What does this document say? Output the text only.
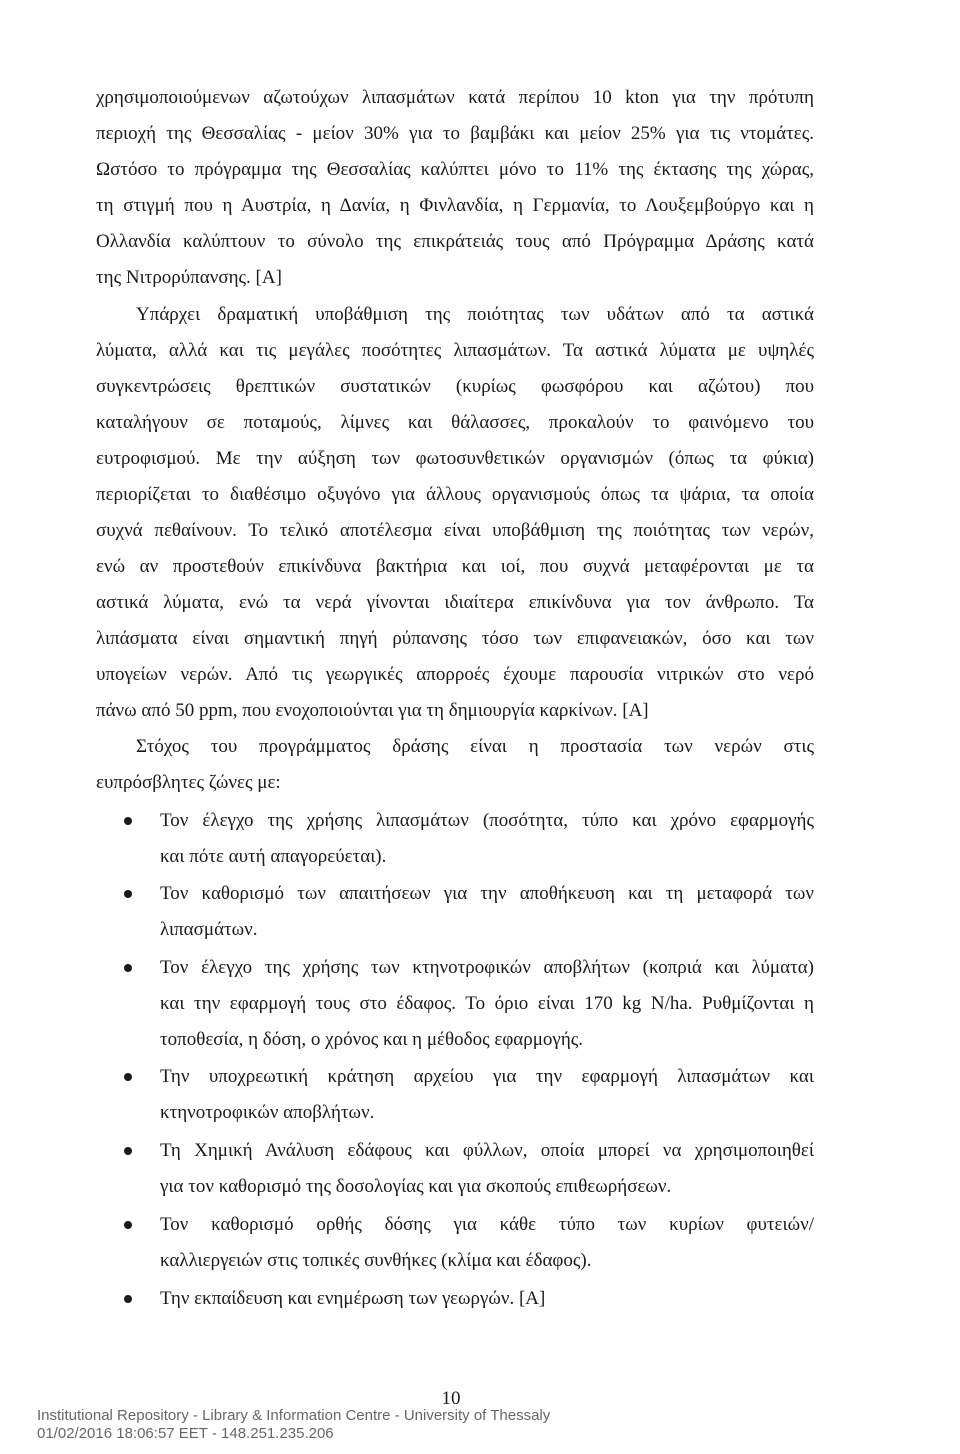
χρησιμοποιούμενων αζωτούχων λιπασμάτων κατά περίπου 10 kton για την πρότυπη
περιοχή της Θεσσαλίας - μείον 30% για το βαμβάκι και μείον 25% για τις ντομάτες.
Ωστόσο το πρόγραμμα της Θεσσαλίας καλύπτει μόνο το 11% της έκτασης της χώρας,
τη στιγμή που η Αυστρία, η Δανία, η Φινλανδία, η Γερμανία, το Λουξεμβούργο και η
Ολλανδία καλύπτουν το σύνολο της επικράτειάς τους από Πρόγραμμα Δράσης κατά
της Νιτρορύπανσης. [Α]
Υπάρχει δραματική υποβάθμιση της ποιότητας των υδάτων από τα αστικά
λύματα, αλλά και τις μεγάλες ποσότητες λιπασμάτων. Τα αστικά λύματα με υψηλές
συγκεντρώσεις θρεπτικών συστατικών (κυρίως φωσφόρου και αζώτου) που
καταλήγουν σε ποταμούς, λίμνες και θάλασσες, προκαλούν το φαινόμενο του
ευτροφισμού. Με την αύξηση των φωτοσυνθετικών οργανισμών (όπως τα φύκια)
περιορίζεται το διαθέσιμο οξυγόνο για άλλους οργανισμούς όπως τα ψάρια, τα οποία
συχνά πεθαίνουν. Το τελικό αποτέλεσμα είναι υποβάθμιση της ποιότητας των νερών,
ενώ αν προστεθούν επικίνδυνα βακτήρια και ιοί, που συχνά μεταφέρονται με τα
αστικά λύματα, ενώ τα νερά γίνονται ιδιαίτερα επικίνδυνα για τον άνθρωπο. Τα
λιπάσματα είναι σημαντική πηγή ρύπανσης τόσο των επιφανειακών, όσο και των
υπογείων νερών. Από τις γεωργικές απορροές έχουμε παρουσία νιτρικών στο νερό
πάνω από 50 ppm, που ενοχοποιούνται για τη δημιουργία καρκίνων. [Α]
Στόχος του προγράμματος δράσης είναι η προστασία των νερών στις
ευπρόσβλητες ζώνες με:
Τον έλεγχο της χρήσης λιπασμάτων (ποσότητα, τύπο και χρόνο εφαρμογής
και πότε αυτή απαγορεύεται).
Τον καθορισμό των απαιτήσεων για την αποθήκευση και τη μεταφορά των
λιπασμάτων.
Τον έλεγχο της χρήσης των κτηνοτροφικών αποβλήτων (κοπριά και λύματα)
και την εφαρμογή τους στο έδαφος. Το όριο είναι 170 kg N/ha. Ρυθμίζονται η
τοποθεσία, η δόση, ο χρόνος και η μέθοδος εφαρμογής.
Την υποχρεωτική κράτηση αρχείου για την εφαρμογή λιπασμάτων και
κτηνοτροφικών αποβλήτων.
Τη Χημική Ανάλυση εδάφους και φύλλων, οποία μπορεί να χρησιμοποιηθεί
για τον καθορισμό της δοσολογίας και για σκοπούς επιθεωρήσεων.
Τον καθορισμό ορθής δόσης για κάθε τύπο των κυρίων φυτειών/
καλλιεργειών στις τοπικές συνθήκες (κλίμα και έδαφος).
Την εκπαίδευση και ενημέρωση των γεωργών. [Α]
10
Institutional Repository - Library & Information Centre - University of Thessaly
01/02/2016 18:06:57 EET - 148.251.235.206
